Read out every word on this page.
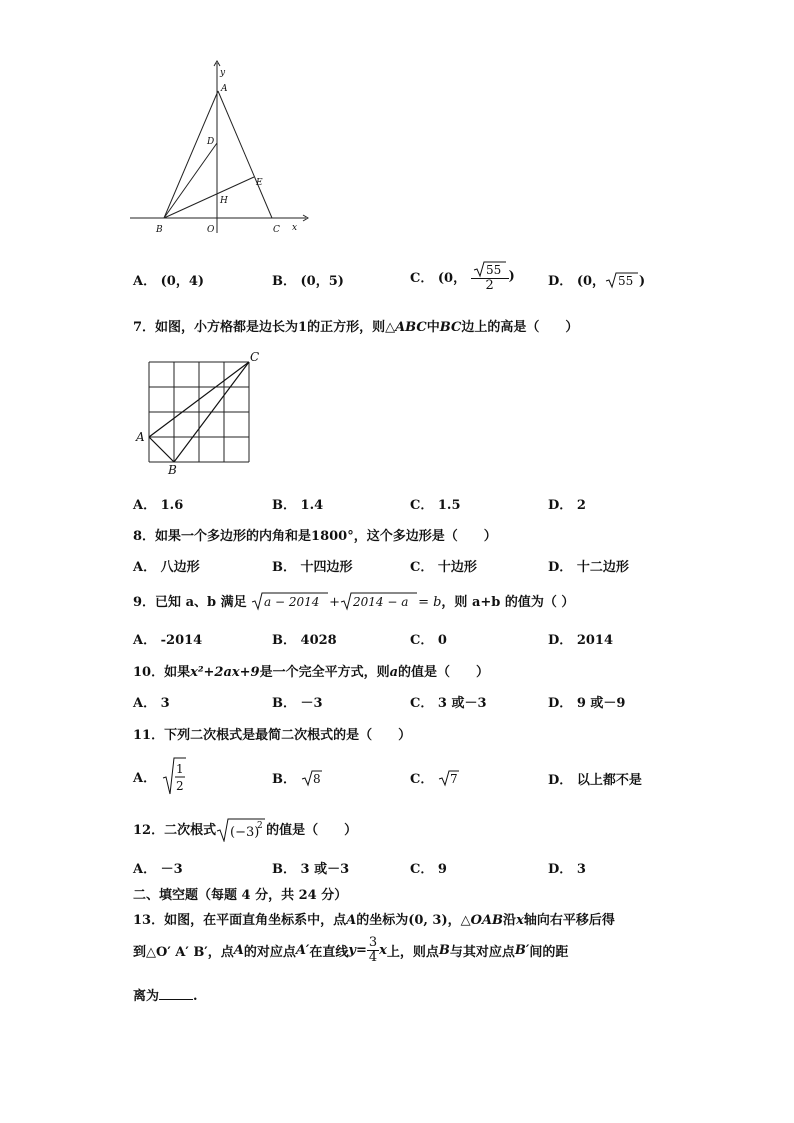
y
A
D
E
H
B	O	C x
A． (0，4)	B． (0，5)	C． (0， $\frac{55}{2}$ )	D． (0， 55 )
7．如图，小方格都是边长为1的正方形，则△ABC中BC边上的高是（　　）
A
B
C
A． 1.6	B． 1.4	C． 1.5	D． 2
8．如果一个多边形的内角和是1800°，这个多边形是（　　）
A． 八边形	B． 十四边形	C． 十边形	D． 十二边形
9．已知 a、b 满足 a − 2014 + 2014 − a = b，则 a+b 的值为（ ）
A． -2014	B． 4028	C． 0	D． 2014
10．如果x²+2ax+9是一个完全平方式，则a的值是（　　）
A． 3	B． －3	C． 3 或－3	D． 9 或－9
11．下列二次根式是最简二次根式的是（　　）
A．
1
2	B． 8	C． 7	D． 以上都不是
12．二次根式 (−3)
2 的值是（　　）
A． －3	B． 3 或－3	C． 9	D． 3
二、填空题（每题 4 分，共 24 分）
13．如图，在平面直角坐标系中，点A的坐标为(0, 3)，△OAB沿x轴向右平移后得
到△O′ A′ B′，点A的对应点A′在直线$y= \frac{3}{4}$ x上，则点B与其对应点B′间的距
离为	.
